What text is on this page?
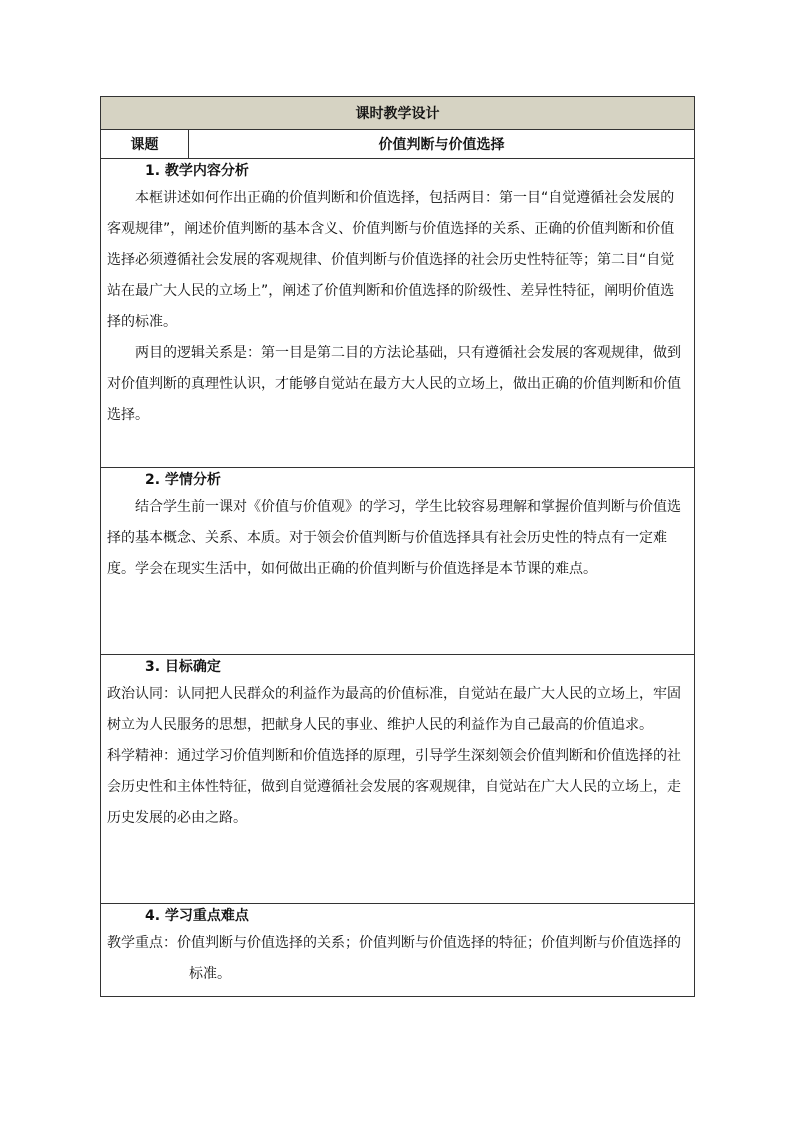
课时教学设计
课题	价值判断与价值选择

1. 教学内容分析

本框讲述如何作出正确的价值判断和价值选择，包括两目：第一目“自觉遵循社会发展的客观规律”，阐述价值判断的基本含义、价值判断与价值选择的关系、正确的价值判断和价值选择必须遵循社会发展的客观规律、价值判断与价值选择的社会历史性特征等；第二目“自觉站在最广大人民的立场上”，阐述了价值判断和价值选择的阶级性、差异性特征，阐明价值选择的标准。

两目的逻辑关系是：第一目是第二目的方法论基础，只有遵循社会发展的客观规律，做到对价值判断的真理性认识，才能够自觉站在最方大人民的立场上，做出正确的价值判断和价值选择。

2. 学情分析

结合学生前一课对《价值与价值观》的学习，学生比较容易理解和掌握价值判断与价值选择的基本概念、关系、本质。对于领会价值判断与价值选择具有社会历史性的特点有一定难度。学会在现实生活中，如何做出正确的价值判断与价值选择是本节课的难点。

3. 目标确定

政治认同：认同把人民群众的利益作为最高的价值标准，自觉站在最广大人民的立场上，牢固树立为人民服务的思想，把献身人民的事业、维护人民的利益作为自己最高的价值追求。

科学精神：通过学习价值判断和价值选择的原理，引导学生深刻领会价值判断和价值选择的社会历史性和主体性特征，做到自觉遵循社会发展的客观规律，自觉站在广大人民的立场上，走历史发展的必由之路。

4. 学习重点难点

教学重点：价值判断与价值选择的关系；价值判断与价值选择的特征；价值判断与价值选择的标准。
